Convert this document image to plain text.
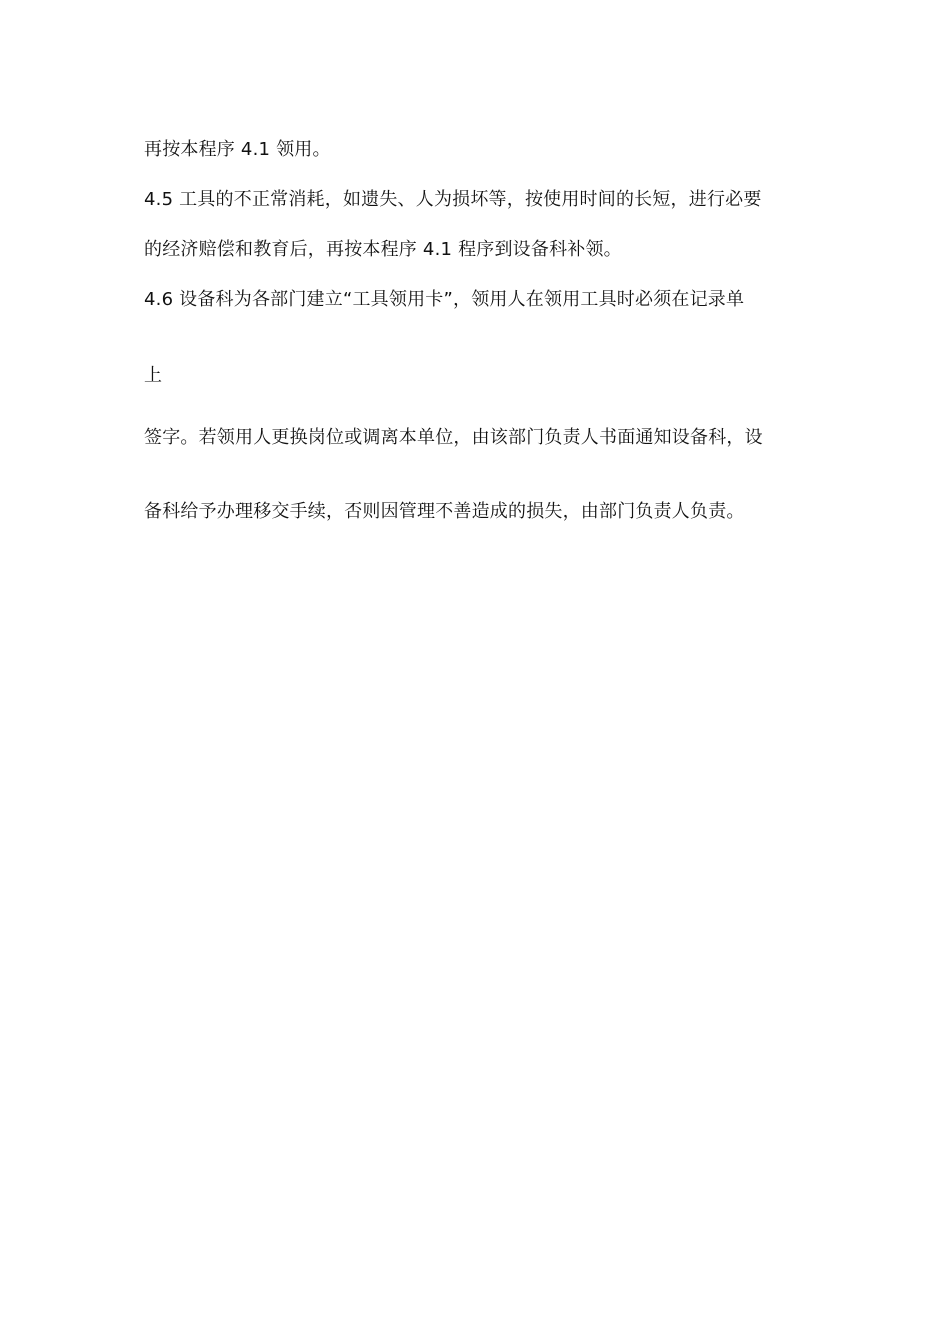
再按本程序 4.1 领用。
4.5 工具的不正常消耗，如遗失、人为损坏等，按使用时间的长短，进行必要
的经济赔偿和教育后，再按本程序 4.1 程序到设备科补领。
4.6 设备科为各部门建立“工具领用卡”，领用人在领用工具时必须在记录单
上
签字。若领用人更换岗位或调离本单位，由该部门负责人书面通知设备科，设
备科给予办理移交手续，否则因管理不善造成的损失，由部门负责人负责。
